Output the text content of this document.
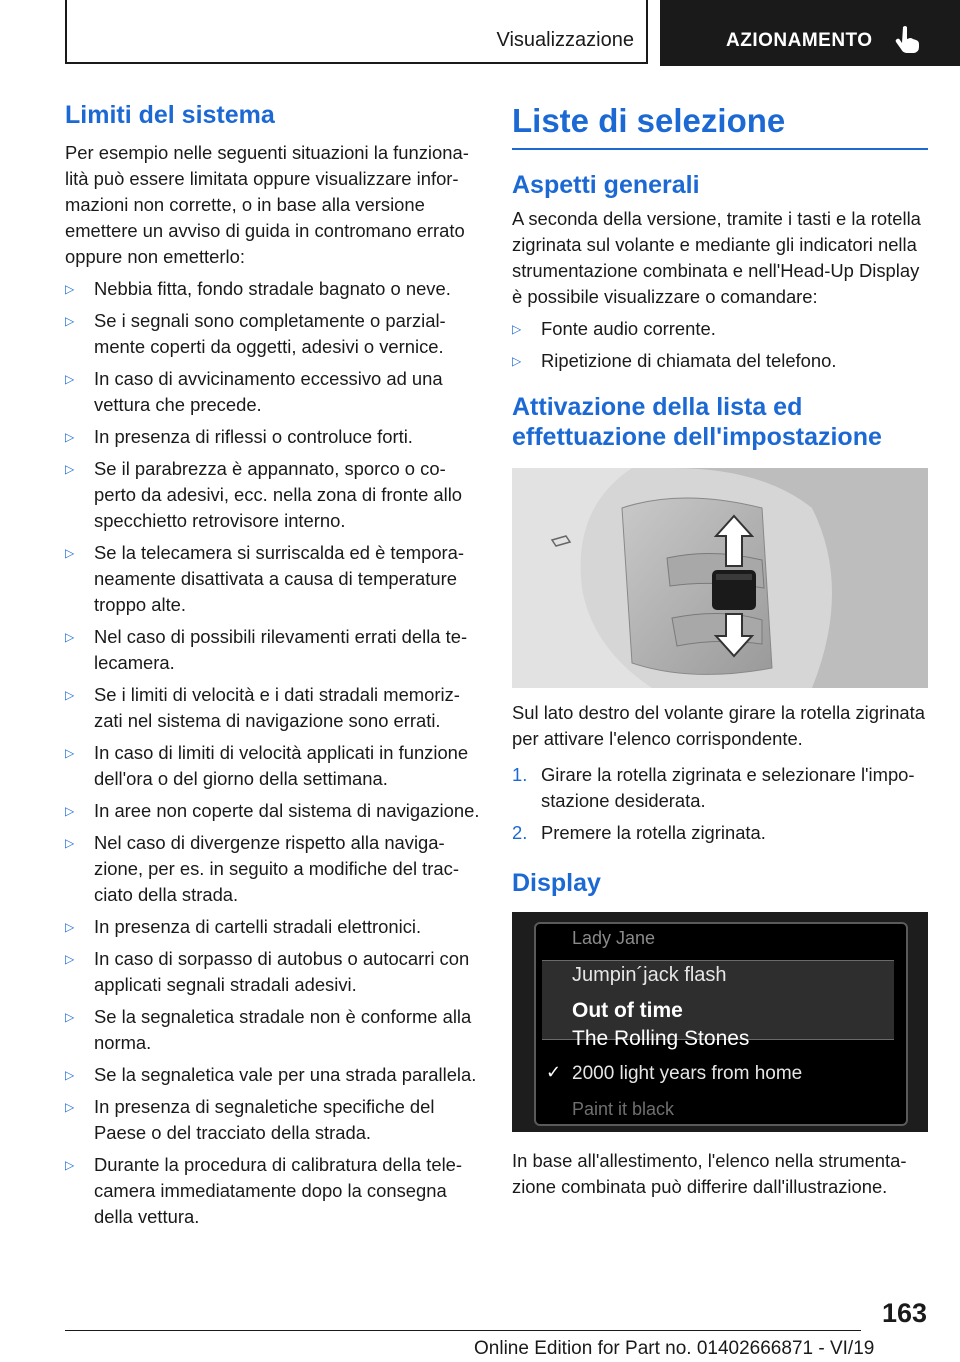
Visualizzazione	AZIONAMENTO
Limiti del sistema

Per esempio nelle seguenti situazioni la funzionalità può essere limitata oppure visualizzare informazioni non corrette, o in base alla versione emettere un avviso di guida in contromano errato oppure non emetterlo:

▷ Nebbia fitta, fondo stradale bagnato o neve.
▷ Se i segnali sono completamente o parzialmente coperti da oggetti, adesivi o vernice.
▷ In caso di avvicinamento eccessivo ad una vettura che precede.
▷ In presenza di riflessi o controluce forti.
▷ Se il parabrezza è appannato, sporco o coperto da adesivi, ecc. nella zona di fronte allo specchietto retrovisore interno.
▷ Se la telecamera si surriscalda ed è temporaneamente disattivata a causa di temperature troppo alte.
▷ Nel caso di possibili rilevamenti errati della telecamera.
▷ Se i limiti di velocità e i dati stradali memorizzati nel sistema di navigazione sono errati.
▷ In caso di limiti di velocità applicati in funzione dell'ora o del giorno della settimana.
▷ In aree non coperte dal sistema di navigazione.
▷ Nel caso di divergenze rispetto alla navigazione, per es. in seguito a modifiche del tracciato della strada.
▷ In presenza di cartelli stradali elettronici.
▷ In caso di sorpasso di autobus o autocarri con applicati segnali stradali adesivi.
▷ Se la segnaletica stradale non è conforme alla norma.
▷ Se la segnaletica vale per una strada parallela.
▷ In presenza di segnaletiche specifiche del Paese o del tracciato della strada.
▷ Durante la procedura di calibratura della telecamera immediatamente dopo la consegna della vettura.
Liste di selezione
Aspetti generali

A seconda della versione, tramite i tasti e la rotella zigrinata sul volante e mediante gli indicatori nella strumentazione combinata e nell'Head-Up Display è possibile visualizzare o comandare:

▷ Fonte audio corrente.
▷ Ripetizione di chiamata del telefono.
Attivazione della lista ed effettuazione dell'impostazione

Sul lato destro del volante girare la rotella zigrinata per attivare l'elenco corrispondente.

1. Girare la rotella zigrinata e selezionare l'impostazione desiderata.
2. Premere la rotella zigrinata.
Display
Lady Jane
Jumpin´jack flash
Out of time
The Rolling Stones
✓ 2000 light years from home
Paint it black

In base all'allestimento, l'elenco nella strumentazione combinata può differire dall'illustrazione.

163
Online Edition for Part no. 01402666871 - VI/19
